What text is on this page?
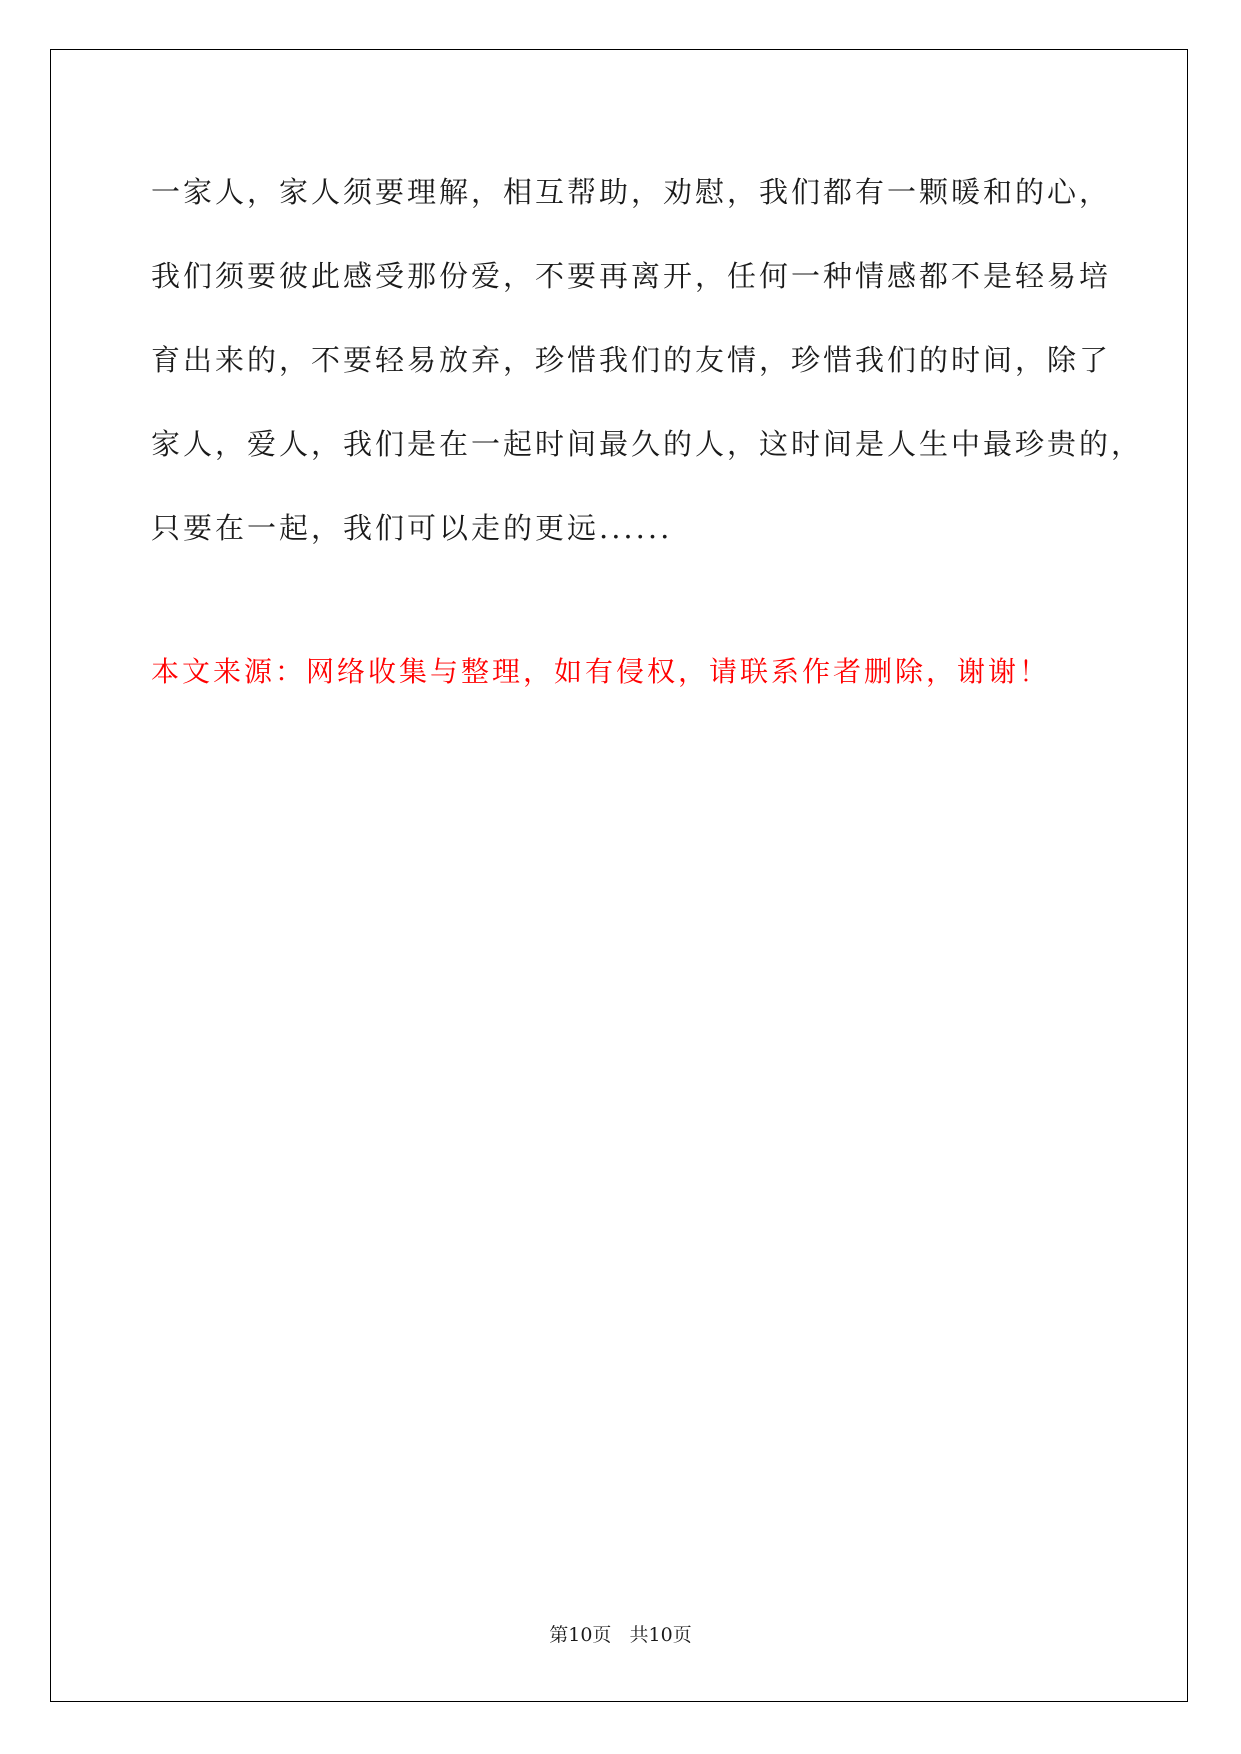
一家人，家人须要理解，相互帮助，劝慰，我们都有一颗暖和的心，
我们须要彼此感受那份爱，不要再离开，任何一种情感都不是轻易培
育出来的，不要轻易放弃，珍惜我们的友情，珍惜我们的时间，除了
家人，爱人，我们是在一起时间最久的人，这时间是人生中最珍贵的，
只要在一起，我们可以走的更远......

本文来源：网络收集与整理，如有侵权，请联系作者删除，谢谢！

第10页   共10页
